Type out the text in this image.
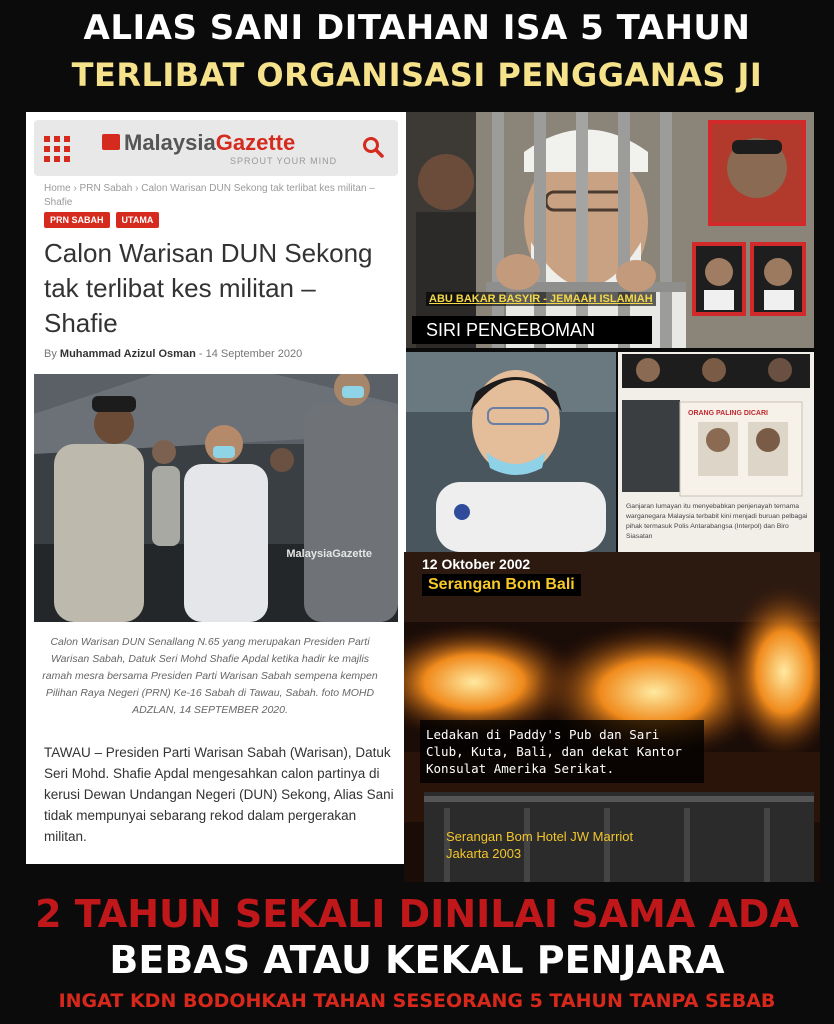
ALIAS SANI DITAHAN ISA 5 TAHUN
TERLIBAT ORGANISASI PENGGANAS JI
MalaysiaGazette
SPROUT YOUR MIND
Home › PRN Sabah › Calon Warisan DUN Sekong tak terlibat kes militan – Shafie
PRN SABAH	UTAMA
Calon Warisan DUN Sekong tak terlibat kes militan – Shafie
By Muhammad Azizul Osman - 14 September 2020
MalaysiaGazette
Calon Warisan DUN Senallang N.65 yang merupakan Presiden Parti Warisan Sabah, Datuk Seri Mohd Shafie Apdal ketika hadir ke majlis ramah mesra bersama Presiden Parti Warisan Sabah sempena kempen Pilihan Raya Negeri (PRN) Ke-16 Sabah di Tawau, Sabah. foto MOHD ADZLAN, 14 SEPTEMBER 2020.
TAWAU – Presiden Parti Warisan Sabah (Warisan), Datuk Seri Mohd. Shafie Apdal mengesahkan calon partinya di kerusi Dewan Undangan Negeri (DUN) Sekong, Alias Sani tidak mempunyai sebarang rekod dalam pergerakan militan.
ABU BAKAR BASYIR - JEMAAH ISLAMIAH
SIRI PENGEBOMAN
ORANG PALING DICARI
Ganjaran lumayan itu menyebabkan penjenayah ternama warganegara Malaysia terbabit kini menjadi buruan pelbagai pihak termasuk Polis Antarabangsa (Interpol) dan Biro Siasatan
12 Oktober 2002
Serangan Bom Bali
Ledakan di Paddy's Pub dan Sari Club, Kuta, Bali, dan dekat Kantor Konsulat Amerika Serikat.
Serangan Bom Hotel JW Marriot
Jakarta 2003
2 TAHUN SEKALI DINILAI SAMA ADA
BEBAS ATAU KEKAL PENJARA
INGAT KDN BODOHKAH TAHAN SESEORANG 5 TAHUN TANPA SEBAB
